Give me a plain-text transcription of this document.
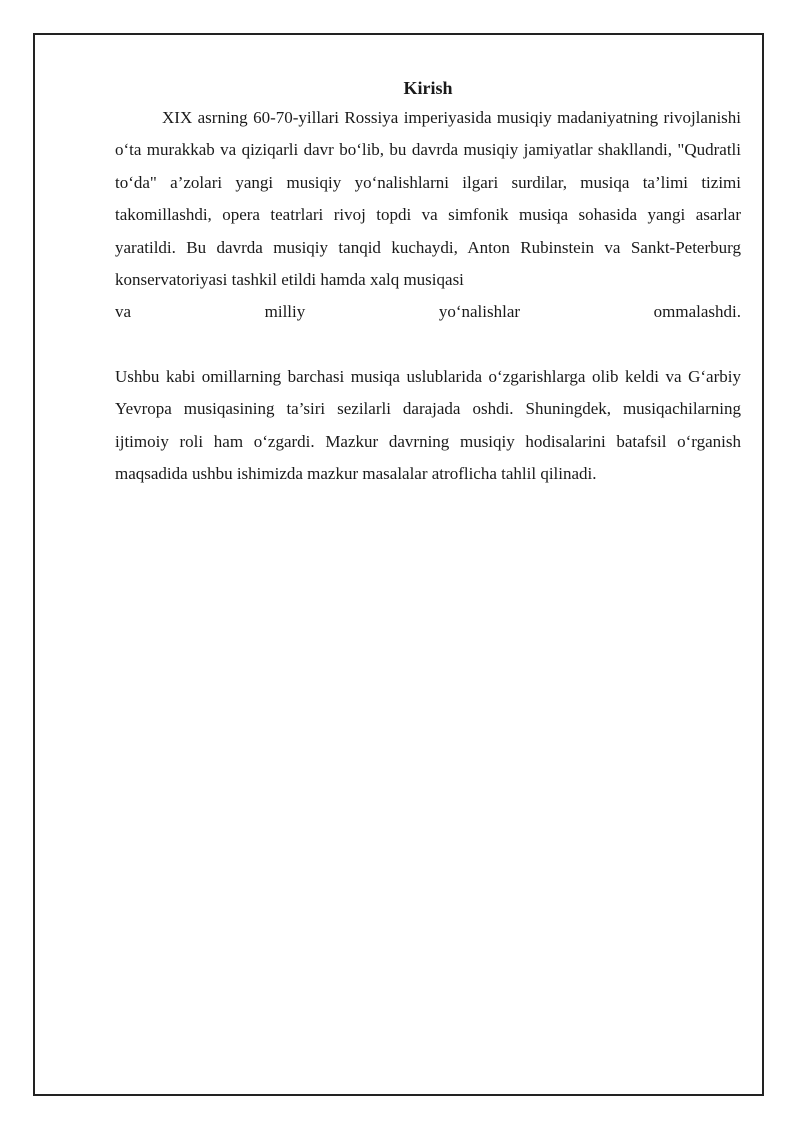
Kirish

XIX asrning 60-70-yillari Rossiya imperiyasida musiqiy madaniyatning rivojlanishi o‘ta murakkab va qiziqarli davr bo‘lib, bu davrda musiqiy jamiyatlar shakllandi, "Qudratli to‘da" a’zolari yangi musiqiy yo‘nalishlarni ilgari surdilar, musiqa ta’limi tizimi takomillashdi, opera teatrlari rivoj topdi va simfonik musiqa sohasida yangi asarlar yaratildi. Bu davrda musiqiy tanqid kuchaydi, Anton Rubinstein va Sankt-Peterburg konservatoriyasi tashkil etildi hamda xalq musiqasi

va milliy yo‘nalishlar ommalashdi.

Ushbu kabi omillarning barchasi musiqa uslublarida o‘zgarishlarga olib keldi va G‘arbiy Yevropa musiqasining ta’siri sezilarli darajada oshdi. Shuningdek, musiqachilarning ijtimoiy roli ham o‘zgardi. Mazkur davrning musiqiy hodisalarini batafsil o‘rganish maqsadida ushbu ishimizda mazkur masalalar atroflicha tahlil qilinadi.
